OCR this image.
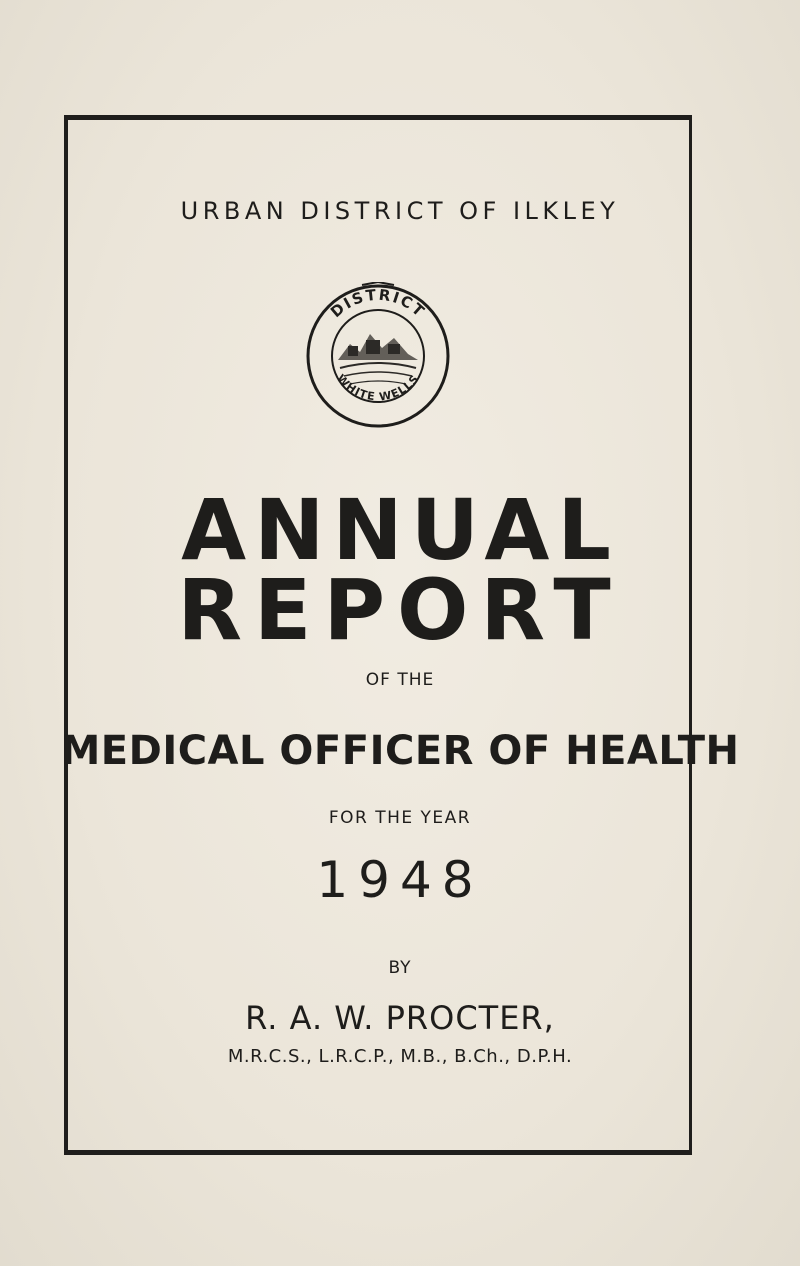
URBAN DISTRICT OF ILKLEY

DISTRICT
WHITE WELLS
ANNUAL
REPORT

OF THE

MEDICAL OFFICER OF HEALTH

FOR THE YEAR

1948

BY

R. A. W. PROCTER,

M.R.C.S., L.R.C.P., M.B., B.Ch., D.P.H.
